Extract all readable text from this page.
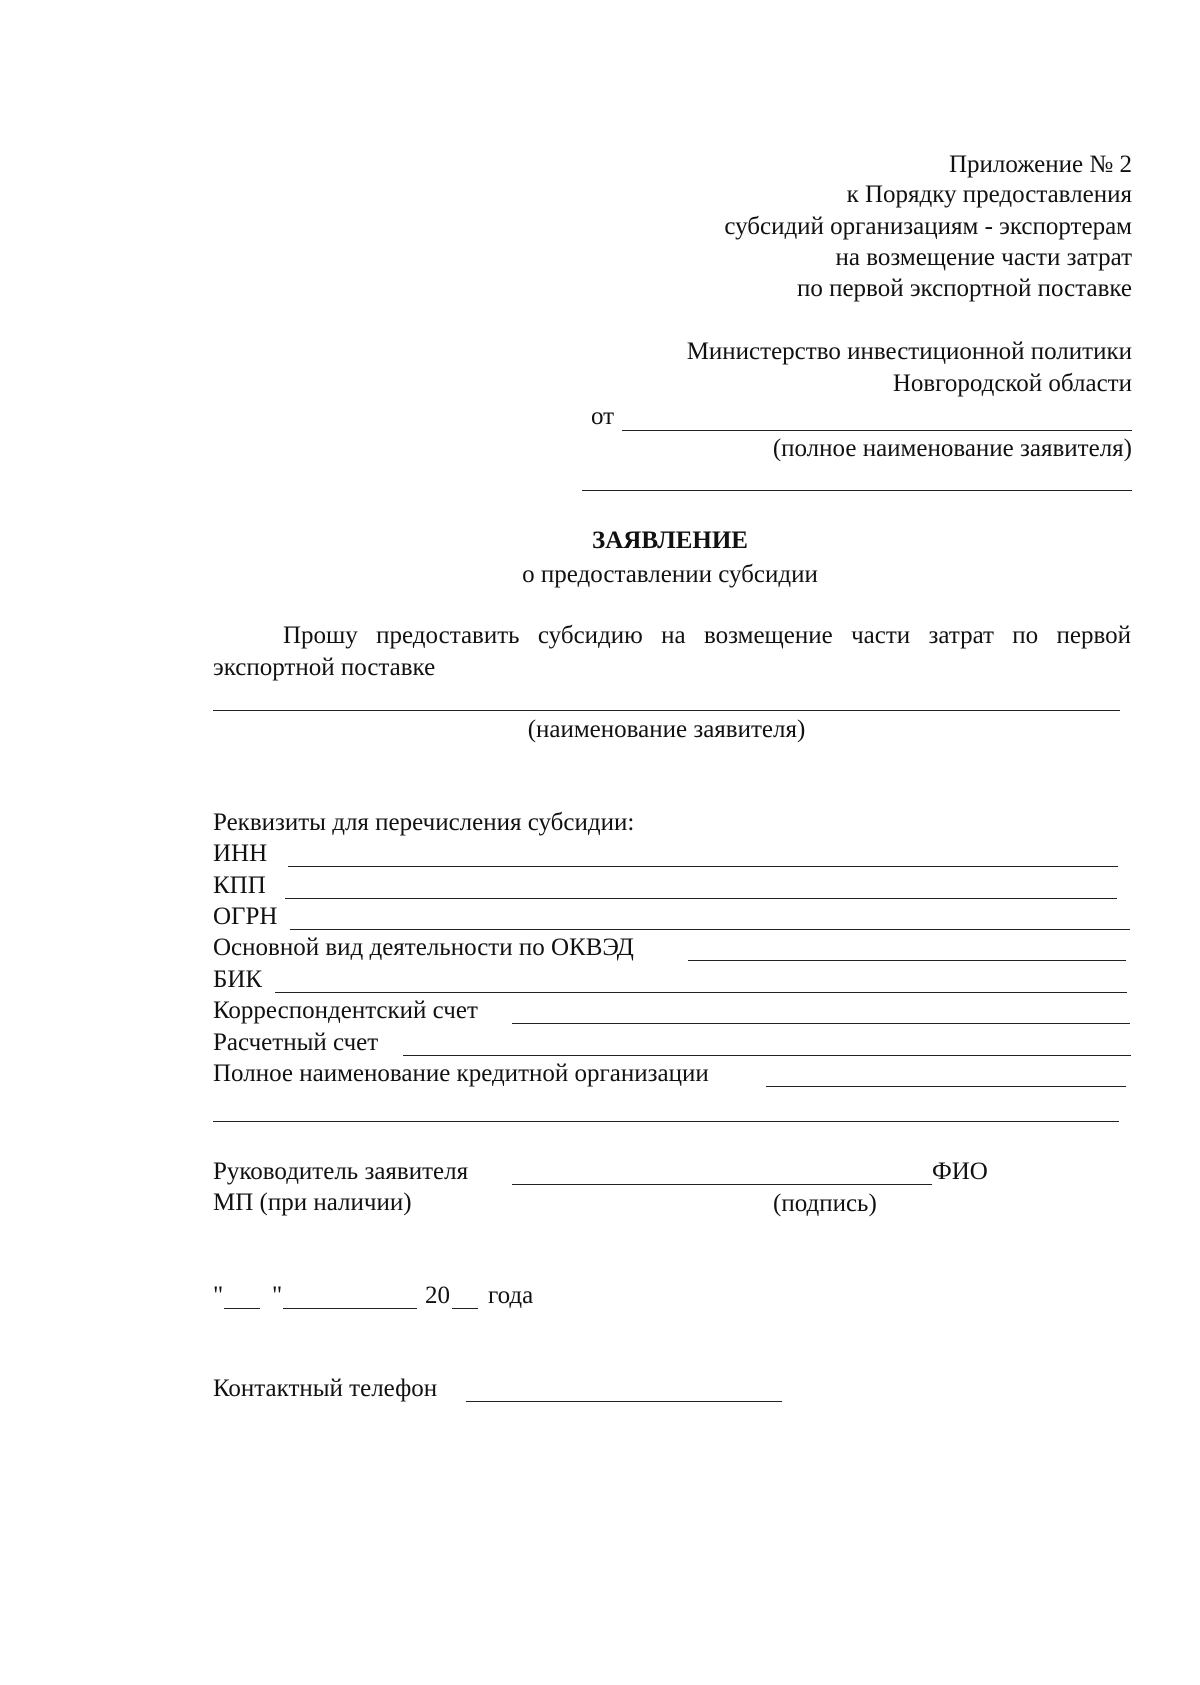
Приложение № 2
к Порядку предоставления
субсидий организациям - экспортерам
на возмещение части затрат
по первой экспортной поставке
Министерство инвестиционной политики
Новгородской области
от
(полное наименование заявителя)
ЗАЯВЛЕНИЕ
о предоставлении субсидии
Прошу предоставить субсидию на возмещение части затрат по первой
экспортной поставке
(наименование заявителя)
Реквизиты для перечисления субсидии:
ИНН
КПП
ОГРН
Основной вид деятельности по ОКВЭД
БИК
Корреспондентский счет
Расчетный счет
Полное наименование кредитной организации
Руководитель заявителя	ФИО
МП (при наличии)	(подпись)
" "	20 года
Контактный телефон
